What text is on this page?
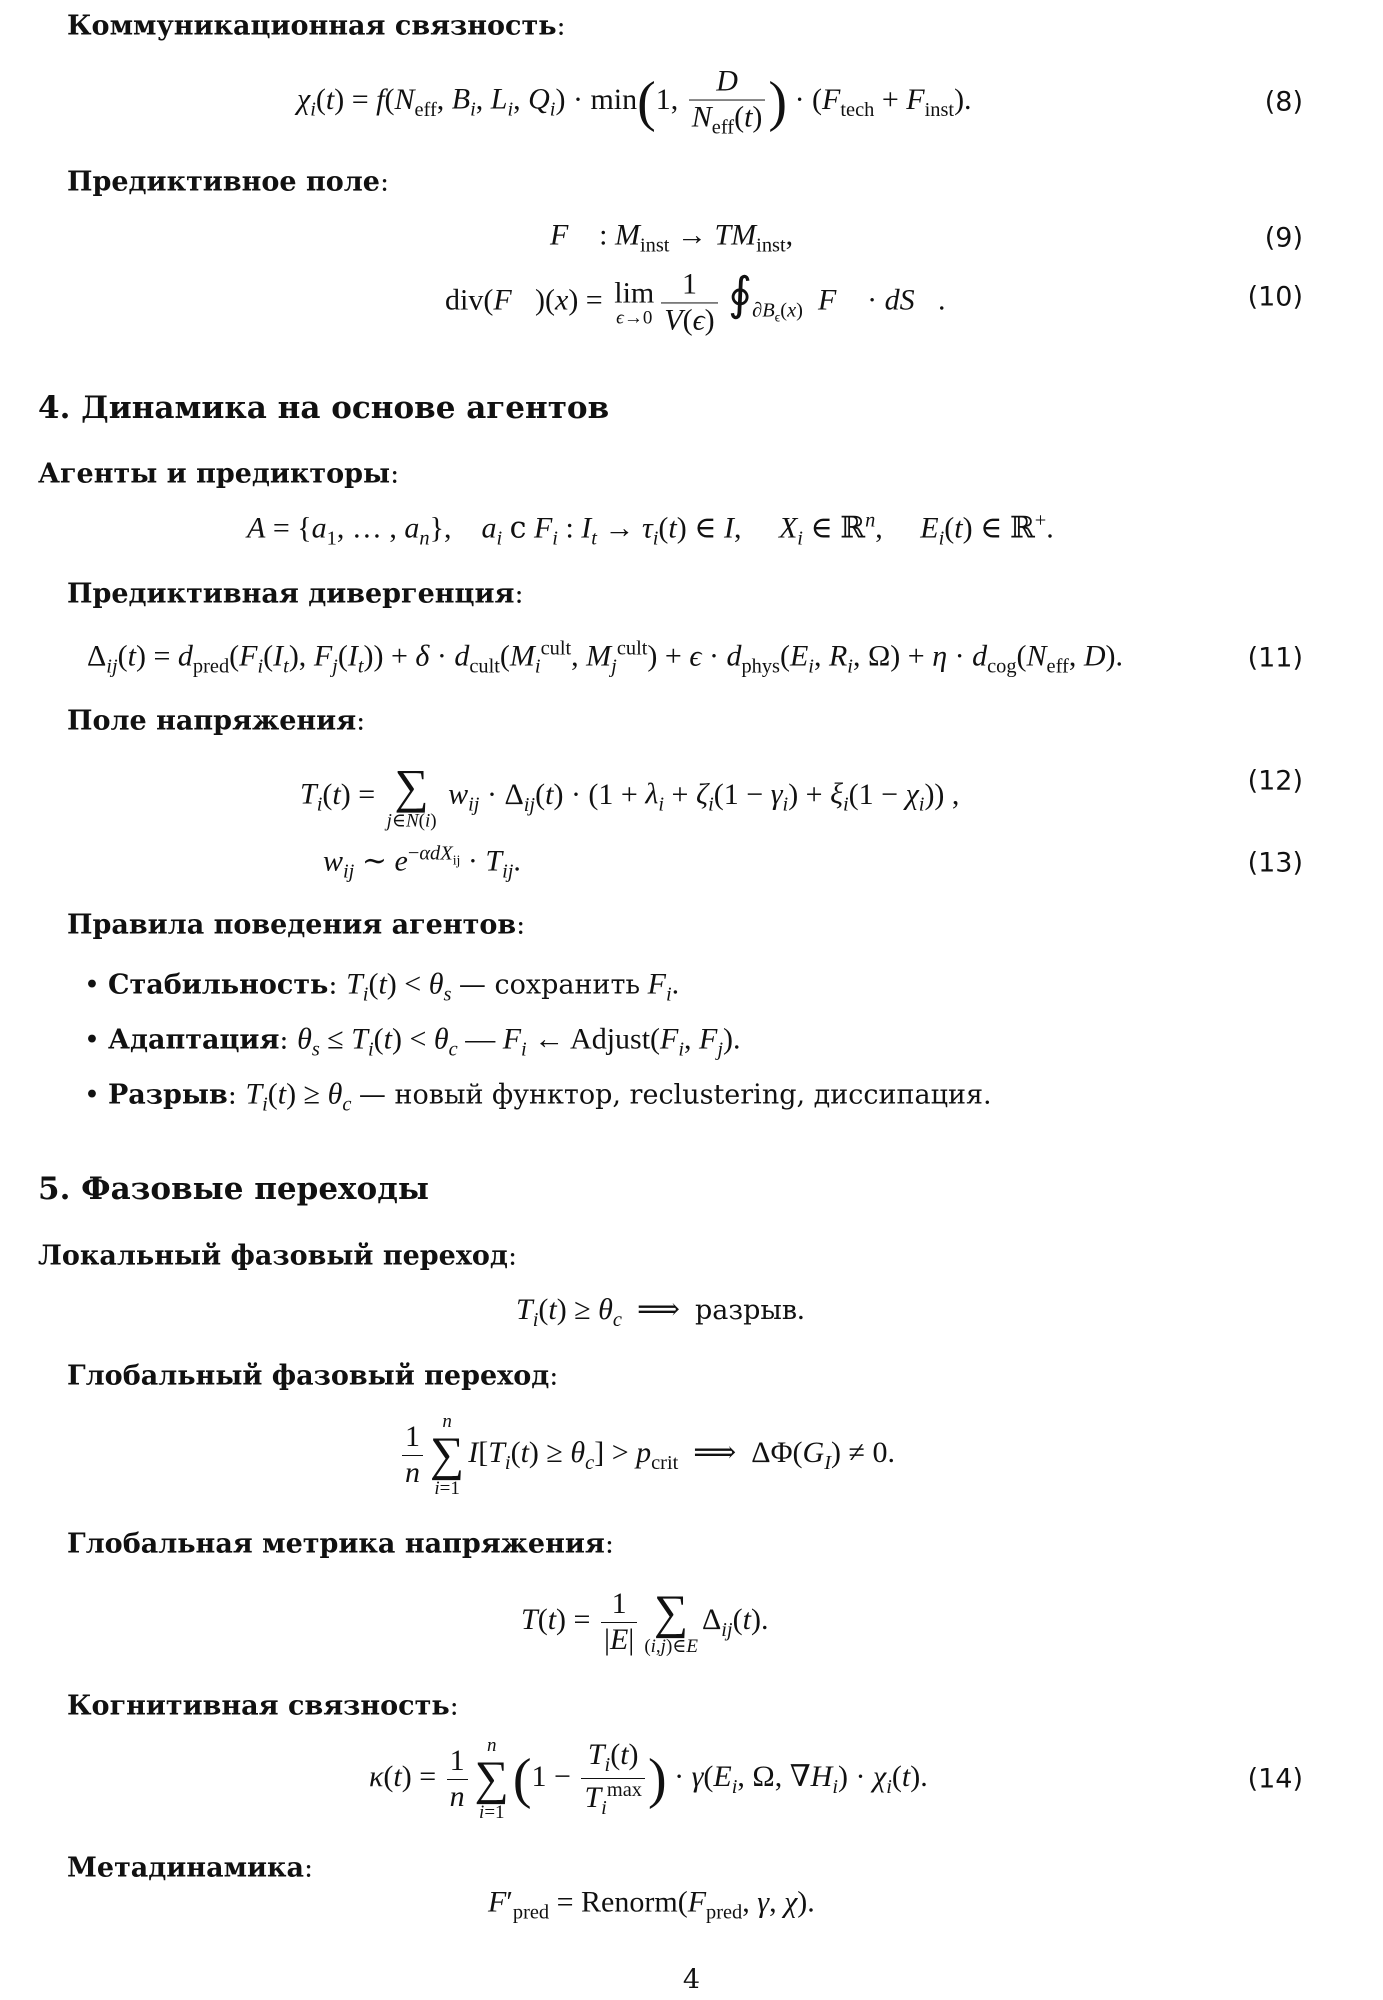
Коммуникационная связность:
$\chi_i(t) = f(N_{eff}$, $B_i$, $L_i$, $Q_i) \cdot \min(1$,
D
$N_{eff}(t)$ ) · $(F_{tech} + F_{inst})$.	(8)
Предиктивное поле:
F⃗ : $M_{inst} \to TM_{inst}$,	(9)
div(F⃗)(x) = lim
$\epsilon\to 0 \frac{1}{V(\epsilon)}$ $∮_{\partial B_\epsilon(x)}$ F⃗ · dS⃗.	(10)
4. Динамика на основе агентов
Агенты и предикторы:
$A = \{a_1$, … , $a_n$},    $a_i$ с $F_i$ : $I_t \to \tau_i(t)$ ∈ I,     $X_i$ ∈ ℝ$^n$,     $E_i(t)$ ∈ ℝ+.
Предиктивная дивергенция:
$\Delta_{ij}(t) = d_{pred}(F_i(I_t)$, $F_j(I_t)) + \delta \cdot d_{cult}(M_i^{cult}$, $M_j^{cult}) + \epsilon \cdot d_{phys}(E_i$, $R_i$, $\Omega) + \eta \cdot d_{cog}(N_{eff}$, D).	(11)
Поле напряжения:
$T_i(t)$ = ∑
j∈N(i)
$w_{ij} \cdot \Delta_{ij}(t) \cdot (1 + \lambda_i + \zeta_i(1 - \gamma_i) + \xi_i(1 - \chi_i))$ ,	(12)
$w_{ij}$ ∼ $e^{-\alpha dX_{ij}} \cdot T_{ij}$.	(13)
Правила поведения агентов:
• Стабильность: $T_i(t) < \theta_s$ — сохранить $F_i$.
• Адаптация: $\theta_s \le T_i(t) < \theta_c$ — $F_i$ ← $Adjust(F_i$, $F_j$).
• Разрыв: $T_i(t) \ge \theta_c$ — новый функтор, reclustering, диссипация.
5. Фазовые переходы
Локальный фазовый переход:
$T_i(t) \ge \theta_c$  ⟹  разрыв.
Глобальный фазовый переход:
$\frac{1}{n}$ n
∑
i=1
$I[T_i(t) \ge \theta_c] > p_{crit}$  ⟹  $\Delta\Phi(G_I) \ne 0$.
Глобальная метрика напряжения:
$T(t) = \frac{1}{|E|}$ ∑
(i,j)∈E
$\Delta_{ij}(t)$.
Когнитивная связность:
$\kappa(t) = \frac{1}{n}$ n
∑
i=1
(1 −
$T_i(t)$
$T_i^{max}$ ) · $\gamma(E_i$, Ω, $\nabla H_i) \cdot \chi_i(t)$.	(14)
Метадинамика:
$F'_{pred}$ = $Renorm(F_{pred}$, γ, χ).
4
